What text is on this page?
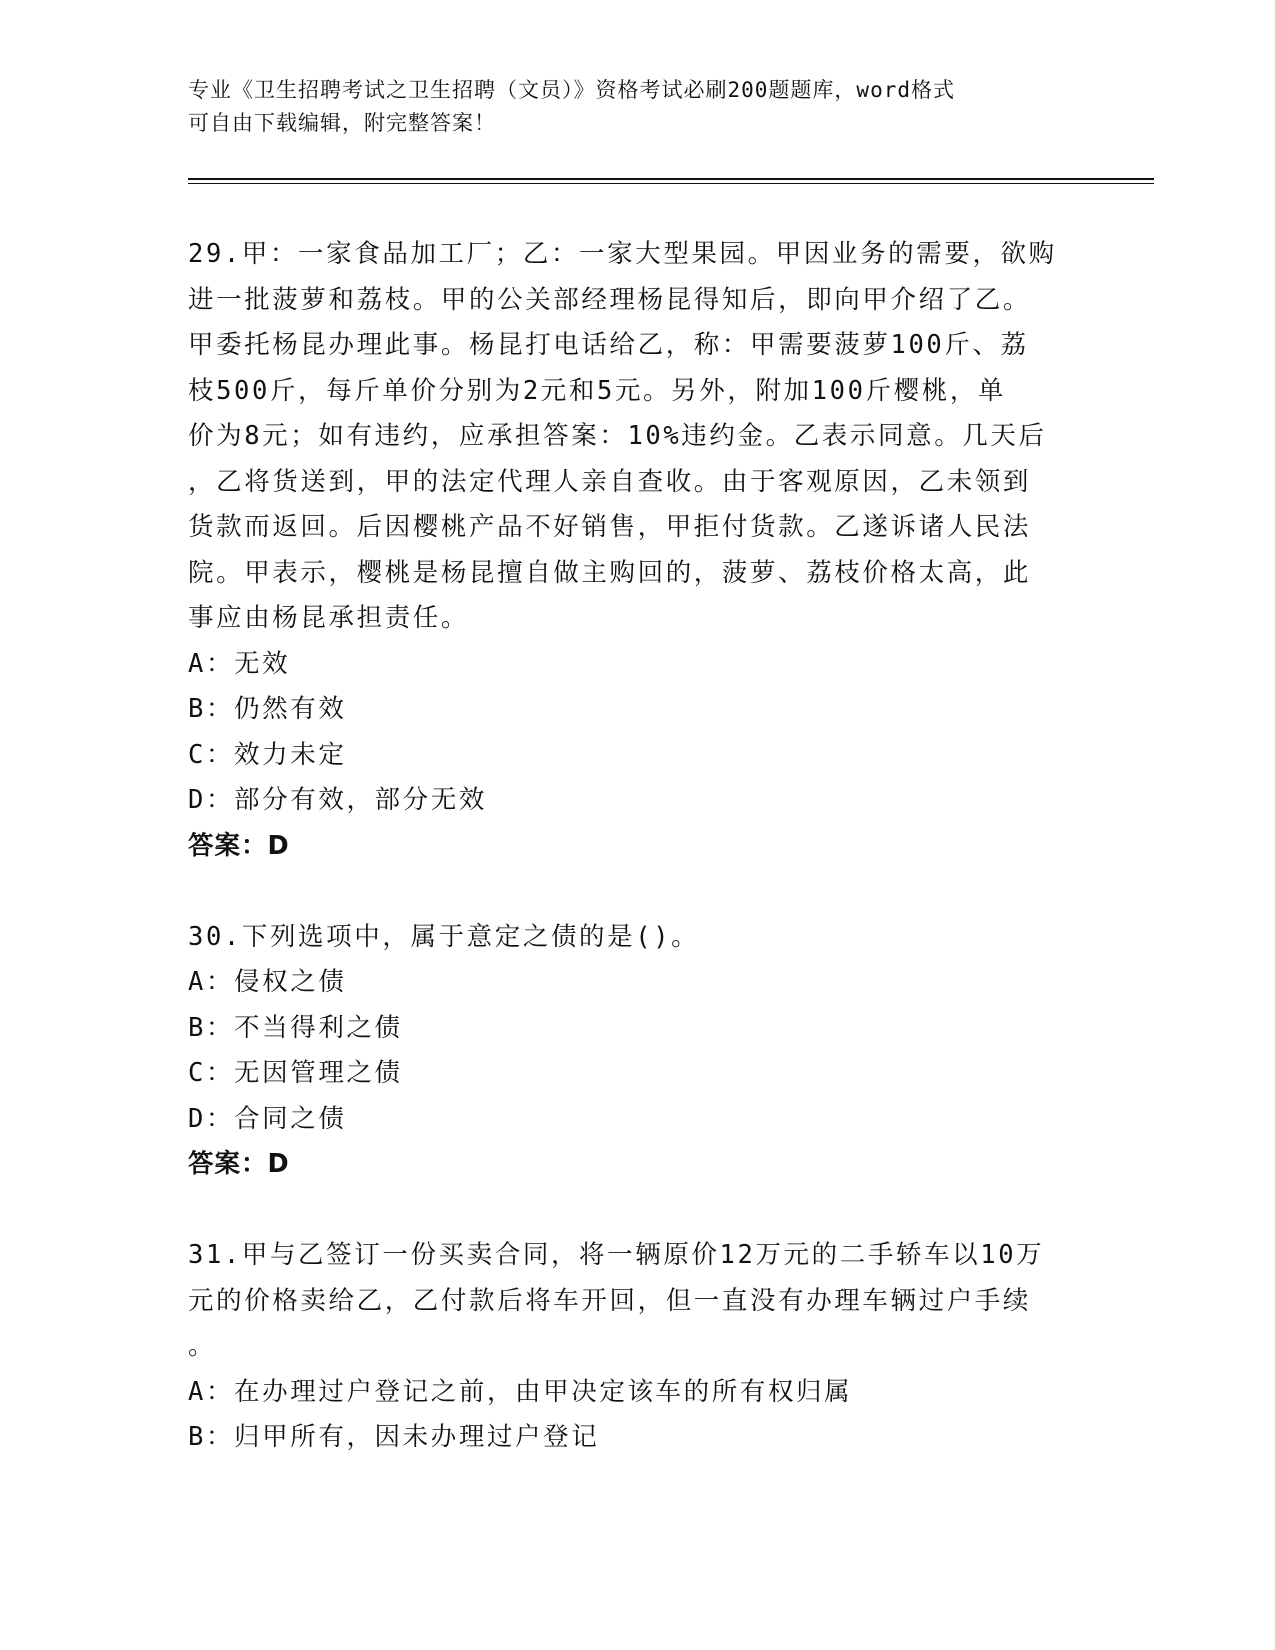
专业《卫生招聘考试之卫生招聘（文员）》资格考试必刷200题题库，word格式
可自由下载编辑，附完整答案！
29.甲：一家食品加工厂；乙：一家大型果园。甲因业务的需要，欲购
进一批菠萝和荔枝。甲的公关部经理杨昆得知后，即向甲介绍了乙。
甲委托杨昆办理此事。杨昆打电话给乙，称：甲需要菠萝100斤、荔
枝500斤，每斤单价分别为2元和5元。另外，附加100斤樱桃，单
价为8元；如有违约，应承担答案：10%违约金。乙表示同意。几天后
，乙将货送到，甲的法定代理人亲自查收。由于客观原因，乙未领到
货款而返回。后因樱桃产品不好销售，甲拒付货款。乙遂诉诸人民法
院。甲表示，樱桃是杨昆擅自做主购回的，菠萝、荔枝价格太高，此
事应由杨昆承担责任。
A：无效
B：仍然有效
C：效力未定
D：部分有效，部分无效
答案：D
30.下列选项中，属于意定之债的是()。
A：侵权之债
B：不当得利之债
C：无因管理之债
D：合同之债
答案：D
31.甲与乙签订一份买卖合同，将一辆原价12万元的二手轿车以10万
元的价格卖给乙，乙付款后将车开回，但一直没有办理车辆过户手续
。
A：在办理过户登记之前，由甲决定该车的所有权归属
B：归甲所有，因未办理过户登记
